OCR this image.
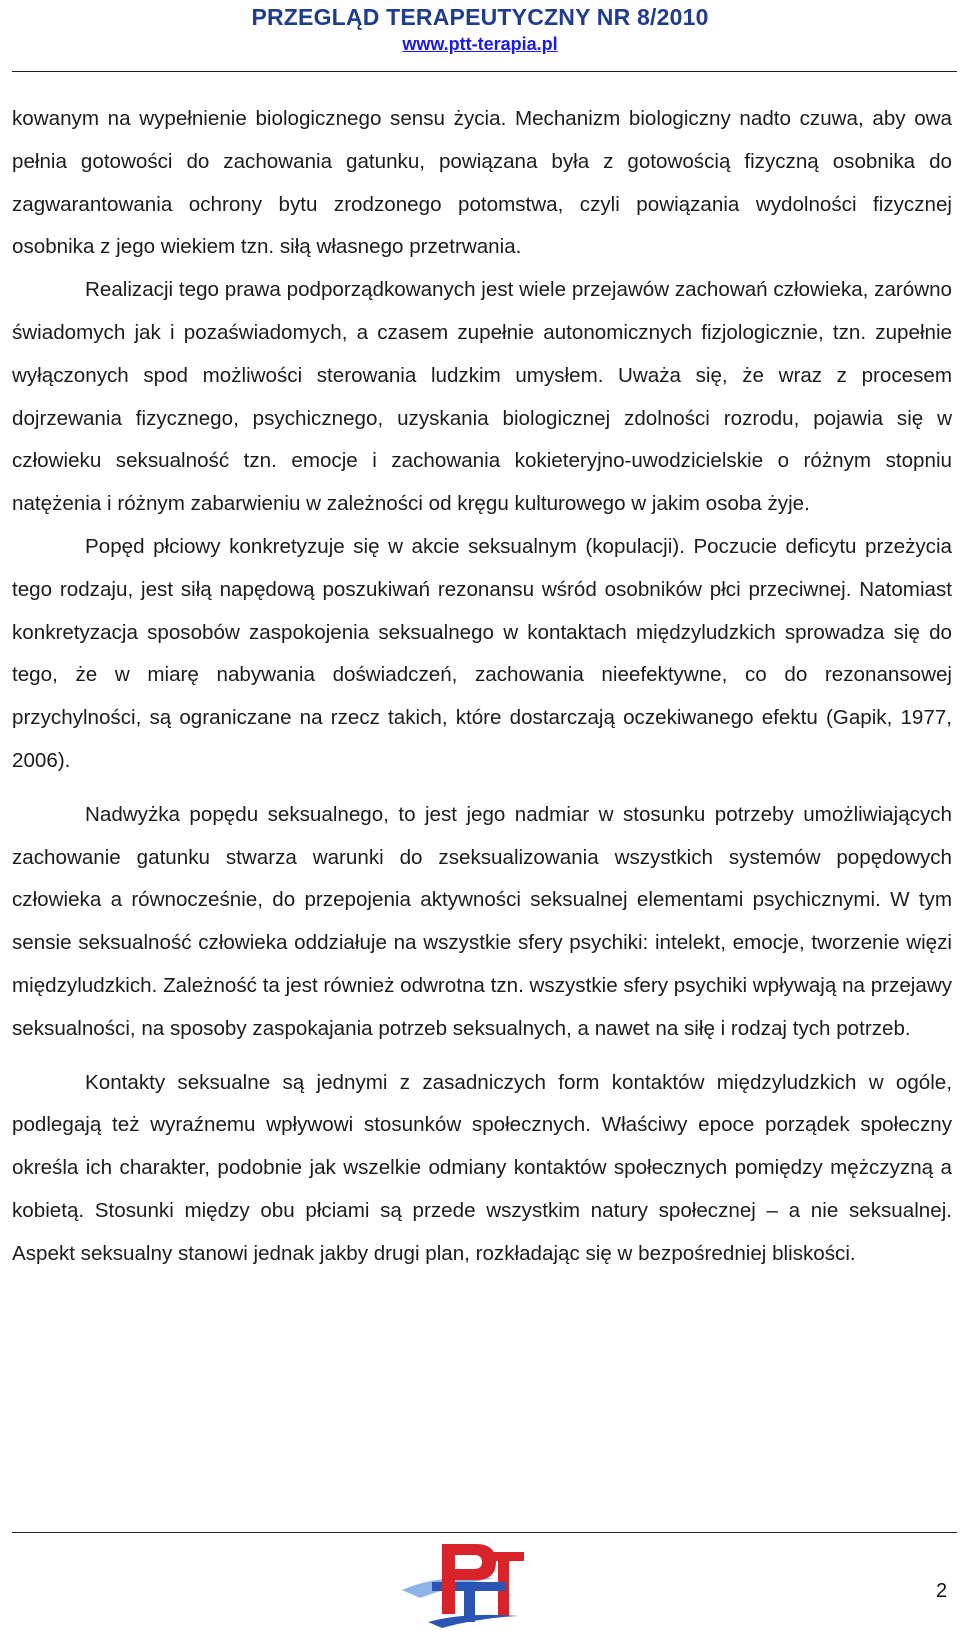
PRZEGLĄD TERAPEUTYCZNY NR 8/2010
www.ptt-terapia.pl

kowanym na wypełnienie biologicznego sensu życia. Mechanizm biologiczny nadto czuwa, aby owa pełnia gotowości do zachowania gatunku, powiązana była z gotowością fizyczną osobnika do zagwarantowania ochrony bytu zrodzonego potomstwa, czyli powiązania wydolności fizycznej osobnika z jego wiekiem tzn. siłą własnego przetrwania.

Realizacji tego prawa podporządkowanych jest wiele przejawów zachowań człowieka, zarówno świadomych jak i pozaświadomych, a czasem zupełnie autonomicznych fizjologicznie, tzn. zupełnie wyłączonych spod możliwości sterowania ludzkim umysłem. Uważa się, że wraz z procesem dojrzewania fizycznego, psychicznego, uzyskania biologicznej zdolności rozrodu, pojawia się w człowieku seksualność tzn. emocje i zachowania kokieteryjno-uwodzicielskie o różnym stopniu natężenia i różnym zabarwieniu w zależności od kręgu kulturowego w jakim osoba żyje.

Popęd płciowy konkretyzuje się w akcie seksualnym (kopulacji). Poczucie deficytu przeżycia tego rodzaju, jest siłą napędową poszukiwań rezonansu wśród osobników płci przeciwnej. Natomiast konkretyzacja sposobów zaspokojenia seksualnego w kontaktach międzyludzkich sprowadza się do tego, że w miarę nabywania doświadczeń, zachowania nieefektywne, co do rezonansowej przychylności, są ograniczane na rzecz takich, które dostarczają oczekiwanego efektu (Gapik, 1977, 2006).

Nadwyżka popędu seksualnego, to jest jego nadmiar w stosunku potrzeby umożliwiających zachowanie gatunku stwarza warunki do zseksualizowania wszystkich systemów popędowych człowieka a równocześnie, do przepojenia aktywności seksualnej elementami psychicznymi. W tym sensie seksualność człowieka oddziałuje na wszystkie sfery psychiki: intelekt, emocje, tworzenie więzi międzyludzkich. Zależność ta jest również odwrotna tzn. wszystkie sfery psychiki wpływają na przejawy seksualności, na sposoby zaspokajania potrzeb seksualnych, a nawet na siłę i rodzaj tych potrzeb.

Kontakty seksualne są jednymi z zasadniczych form kontaktów międzyludzkich w ogóle, podlegają też wyraźnemu wpływowi stosunków społecznych. Właściwy epoce porządek społeczny określa ich charakter, podobnie jak wszelkie odmiany kontaktów społecznych pomiędzy mężczyzną a kobietą. Stosunki między obu płciami są przede wszystkim natury społecznej – a nie seksualnej. Aspekt seksualny stanowi jednak jakby drugi plan, rozkładając się w bezpośredniej bliskości.

2
